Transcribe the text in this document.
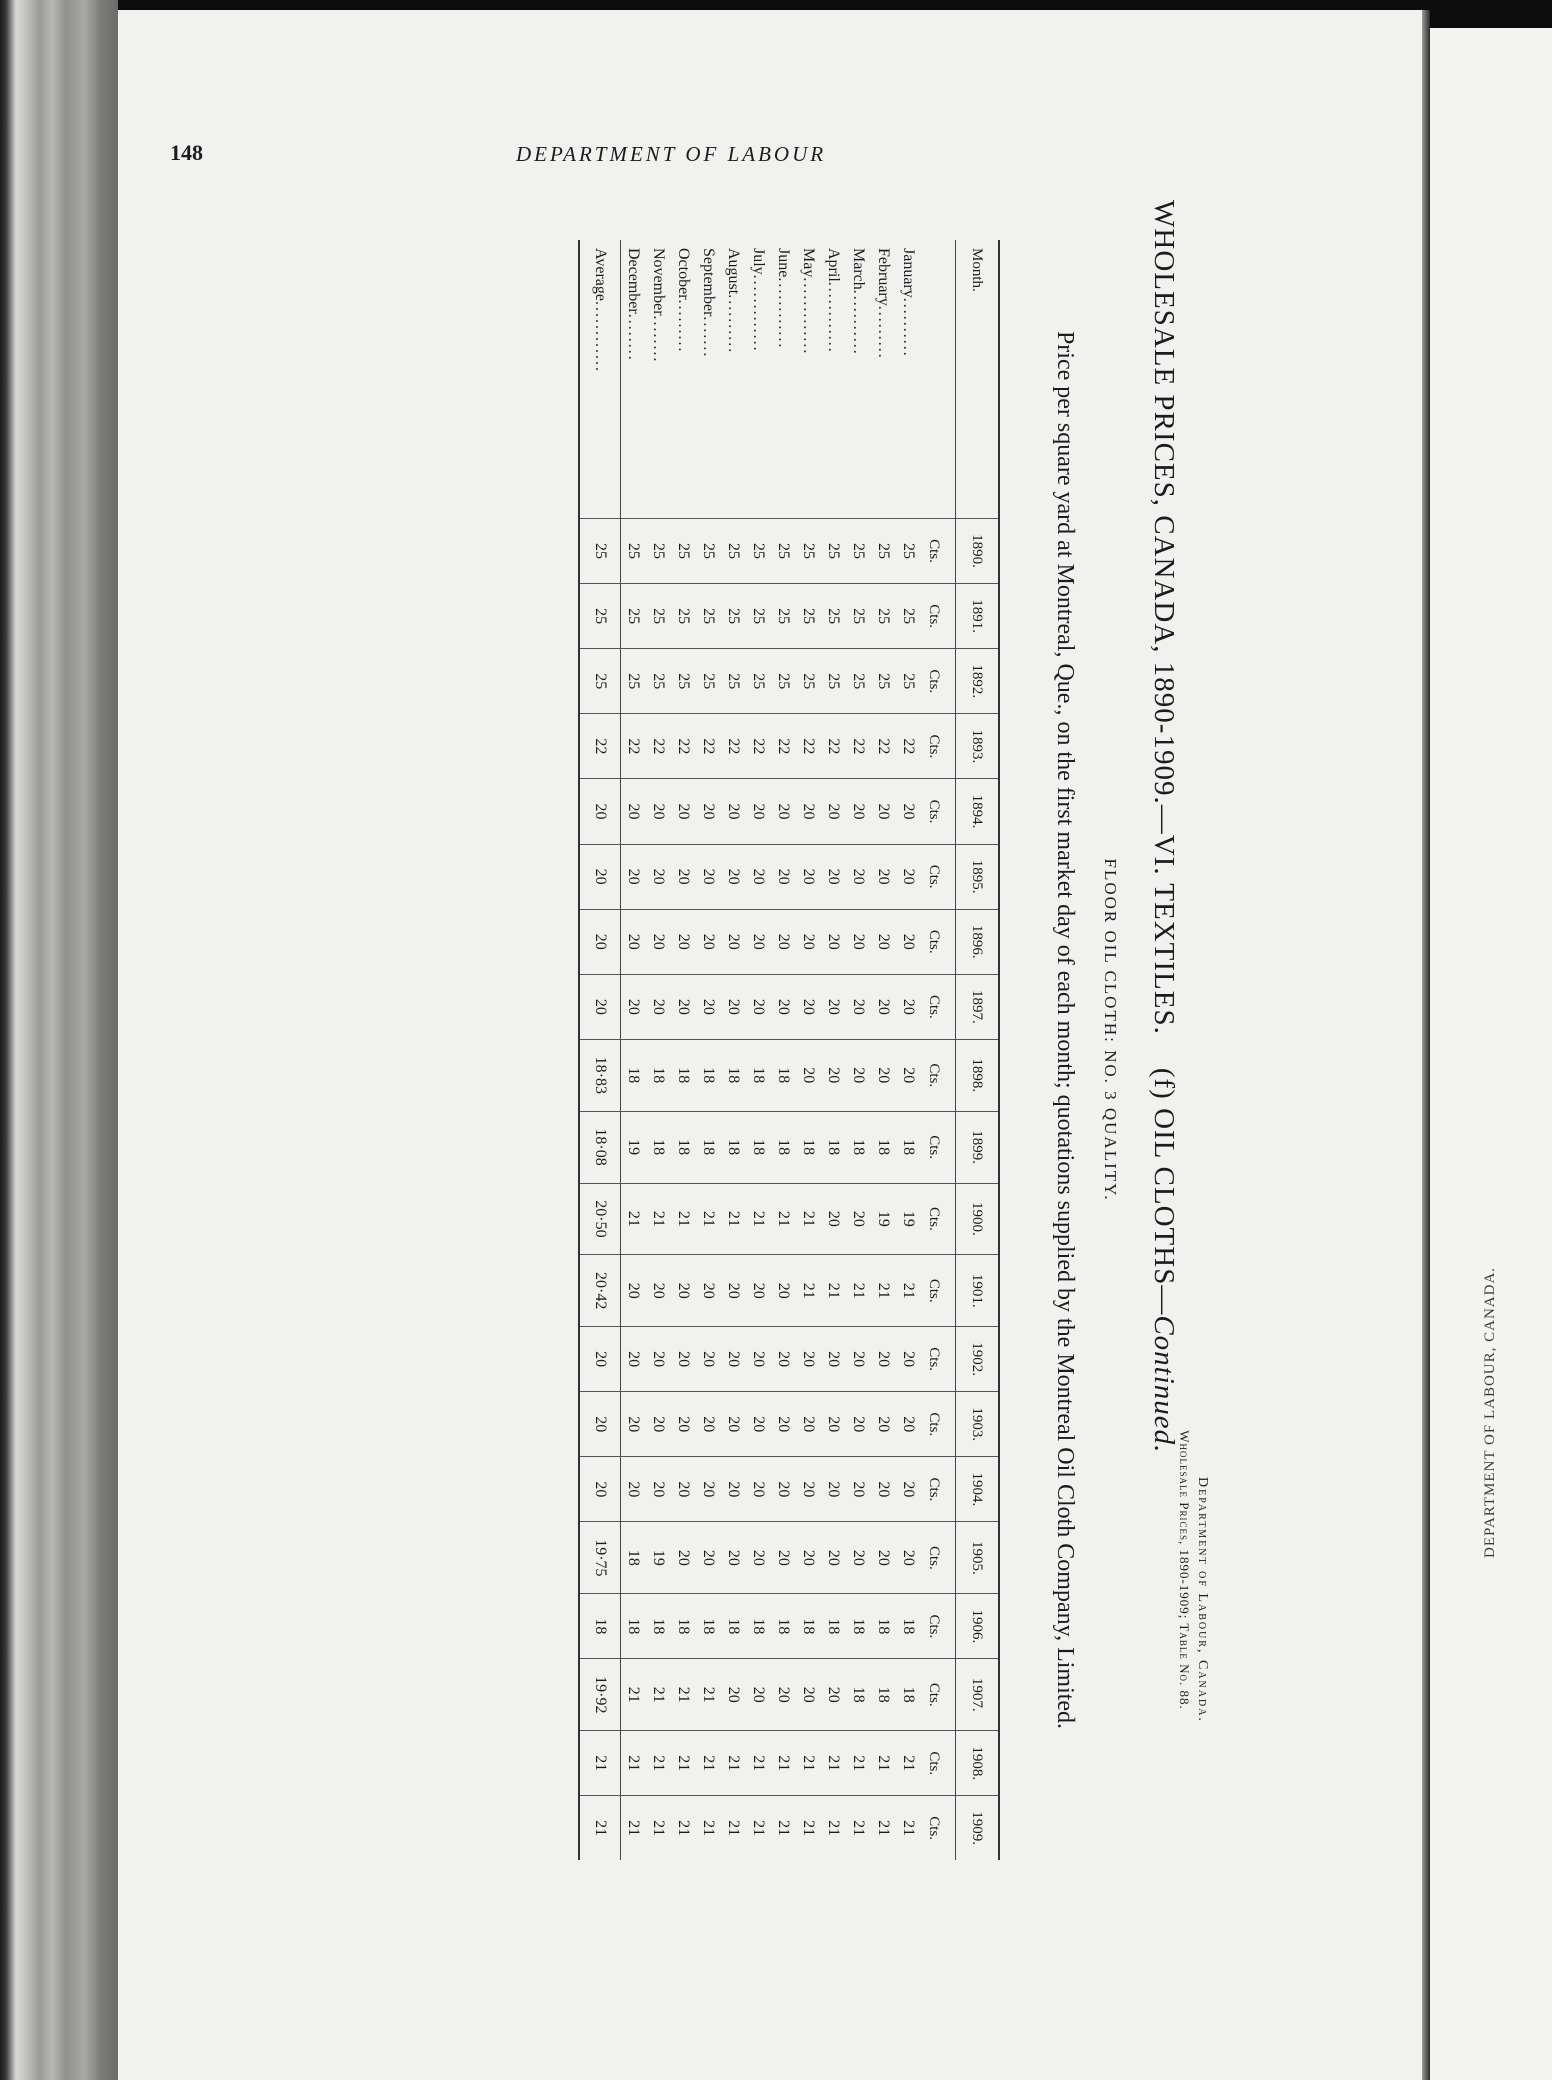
DEPARTMENT OF LABOUR, CANADA.
148	DEPARTMENT OF LABOUR
Department of Labour, Canada.
Wholesale Prices, 1890-1909; Table No. 88.
WHOLESALE PRICES, CANADA, 1890-1909.—VI. TEXTILES.    (f) OIL CLOTHS—Continued.
FLOOR OIL CLOTH: NO. 3 QUALITY.
Price per square yard at Montreal, Que., on the first market day of each month; quotations supplied by the Montreal Oil Cloth Company, Limited.
Month.	1890.	1891.	1892.	1893.	1894.	1895.	1896.	1897.	1898.	1899.	1900.	1901.	1902.	1903.	1904.	1905.	1906.	1907.	1908.	1909.
	Cts.	Cts.	Cts.	Cts.	Cts.	Cts.	Cts.	Cts.	Cts.	Cts.	Cts.	Cts.	Cts.	Cts.	Cts.	Cts.	Cts.	Cts.	Cts.	Cts.
January..........	25	25	25	22	20	20	20	20	20	18	19	21	20	20	20	20	18	18	21	21
February.........	25	25	25	22	20	20	20	20	20	18	19	21	20	20	20	20	18	18	21	21
March...........	25	25	25	22	20	20	20	20	20	18	20	21	20	20	20	20	18	18	21	21
April............	25	25	25	22	20	20	20	20	20	18	20	21	20	20	20	20	18	20	21	21
May.............	25	25	25	22	20	20	20	20	20	18	21	21	20	20	20	20	18	20	21	21
June............	25	25	25	22	20	20	20	20	18	18	21	20	20	20	20	20	18	20	21	21
July.............	25	25	25	22	20	20	20	20	18	18	21	20	20	20	20	20	18	20	21	21
August..........	25	25	25	22	20	20	20	20	18	18	21	20	20	20	20	20	18	20	21	21
September.......	25	25	25	22	20	20	20	20	18	18	21	20	20	20	20	20	18	21	21	21
October.........	25	25	25	22	20	20	20	20	18	18	21	20	20	20	20	20	18	21	21	21
November........	25	25	25	22	20	20	20	20	18	18	21	20	20	20	20	19	18	21	21	21
December........	25	25	25	22	20	20	20	20	18	19	21	20	20	20	20	18	18	21	21	21
Average............	25	25	25	22	20	20	20	20	18·83	18·08	20·50	20·42	20	20	20	19·75	18	19·92	21	21
